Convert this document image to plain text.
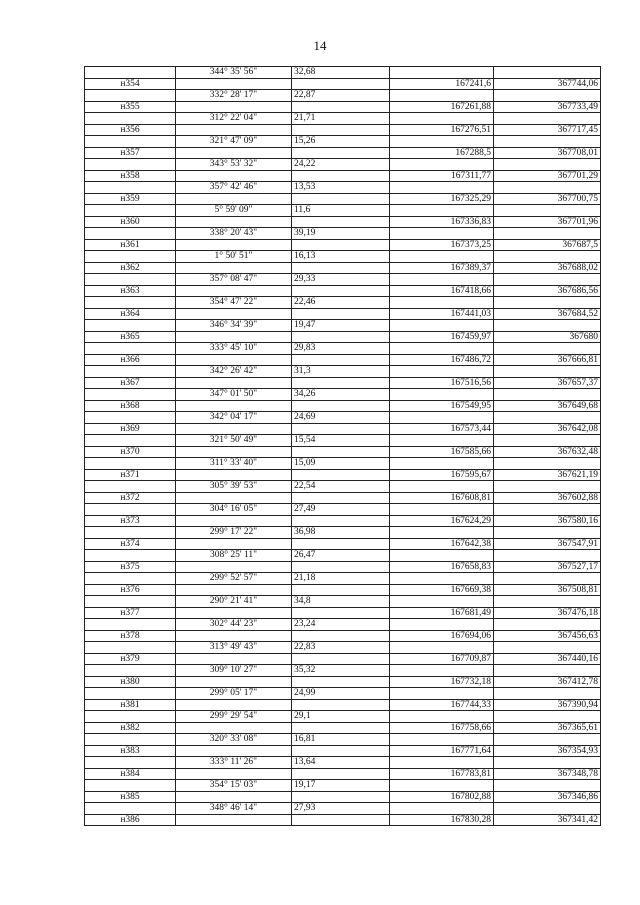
14
	344° 35' 56"	32,68		
н354			167241,6	367744,06
	332° 28' 17"	22,87		
н355			167261,88	367733,49
	312° 22' 04"	21,71		
н356			167276,51	367717,45
	321° 47' 09"	15,26		
н357			167288,5	367708,01
	343° 53' 32"	24,22		
н358			167311,77	367701,29
	357° 42' 46"	13,53		
н359			167325,29	367700,75
	5° 59' 09"	11,6		
н360			167336,83	367701,96
	338° 20' 43"	39,19		
н361			167373,25	367687,5
	1° 50' 51"	16,13		
н362			167389,37	367688,02
	357° 08' 47"	29,33		
н363			167418,66	367686,56
	354° 47' 22"	22,46		
н364			167441,03	367684,52
	346° 34' 39"	19,47		
н365			167459,97	367680
	333° 45' 10"	29,83		
н366			167486,72	367666,81
	342° 26' 42"	31,3		
н367			167516,56	367657,37
	347° 01' 50"	34,26		
н368			167549,95	367649,68
	342° 04' 17"	24,69		
н369			167573,44	367642,08
	321° 50' 49"	15,54		
н370			167585,66	367632,48
	311° 33' 40"	15,09		
н371			167595,67	367621,19
	305° 39' 53"	22,54		
н372			167608,81	367602,88
	304° 16' 05"	27,49		
н373			167624,29	367580,16
	299° 17' 22"	36,98		
н374			167642,38	367547,91
	308° 25' 11"	26,47		
н375			167658,83	367527,17
	299° 52' 57"	21,18		
н376			167669,38	367508,81
	290° 21' 41"	34,8		
н377			167681,49	367476,18
	302° 44' 23"	23,24		
н378			167694,06	367456,63
	313° 49' 43"	22,83		
н379			167709,87	367440,16
	309° 10' 27"	35,32		
н380			167732,18	367412,78
	299° 05' 17"	24,99		
н381			167744,33	367390,94
	299° 29' 54"	29,1		
н382			167758,66	367365,61
	320° 33' 08"	16,81		
н383			167771,64	367354,93
	333° 11' 26"	13,64		
н384			167783,81	367348,78
	354° 15' 03"	19,17		
н385			167802,88	367346,86
	348° 46' 14"	27,93		
н386			167830,28	367341,42
